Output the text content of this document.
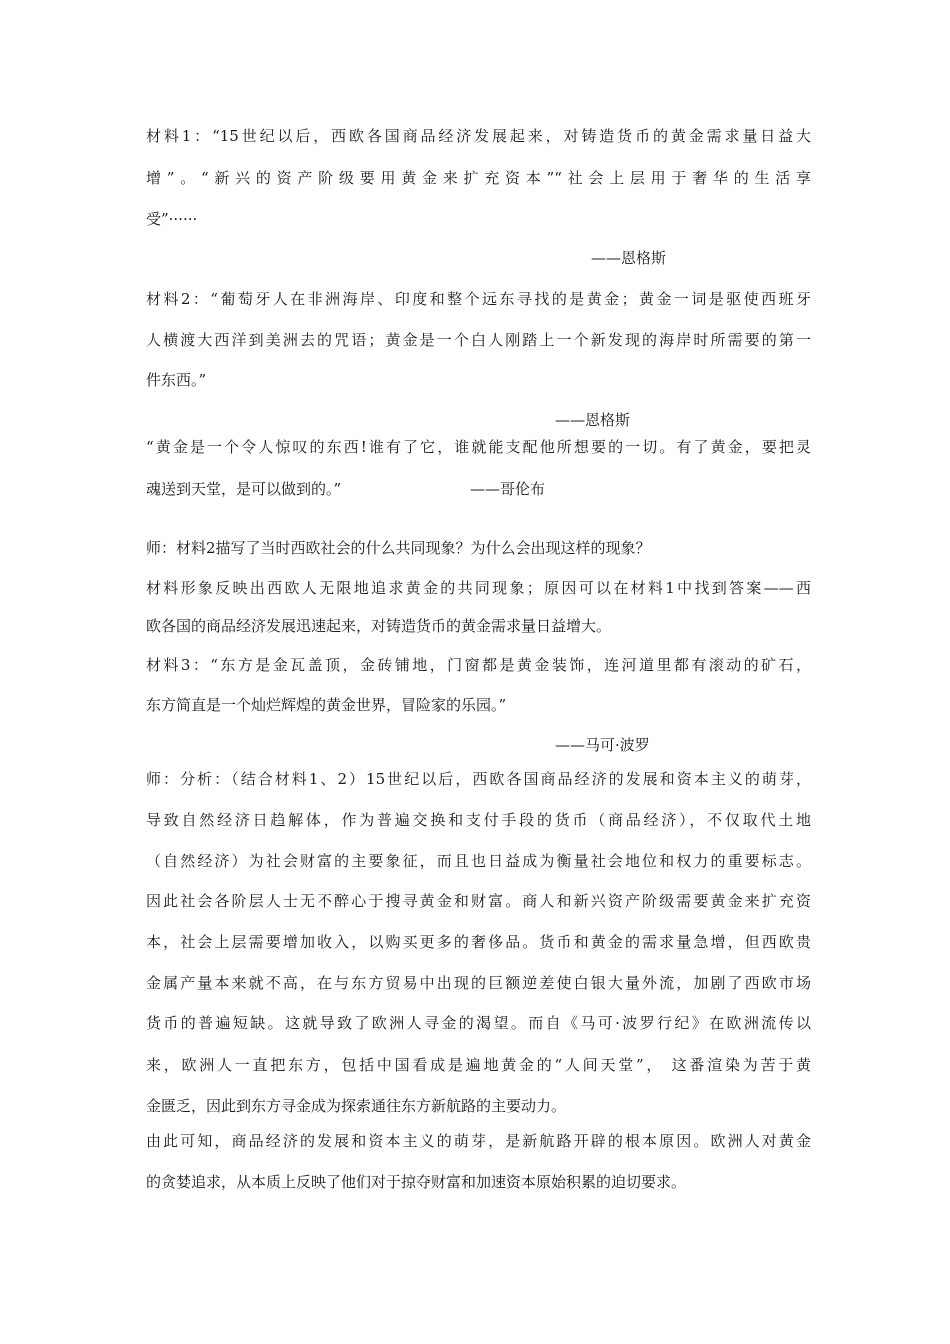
材料1：“15世纪以后，西欧各国商品经济发展起来，对铸造货币的黄金需求量日益大
增”。“新兴的资产阶级要用黄金来扩充资本”“社会上层用于奢华的生活享
受”······
——恩格斯
材料2：“葡萄牙人在非洲海岸、印度和整个远东寻找的是黄金；黄金一词是驱使西班牙
人横渡大西洋到美洲去的咒语；黄金是一个白人刚踏上一个新发现的海岸时所需要的第一
件东西。”
——恩格斯
“黄金是一个令人惊叹的东西!谁有了它，谁就能支配他所想要的一切。有了黄金，要把灵
魂送到天堂，是可以做到的。”	——哥伦布
师：材料2描写了当时西欧社会的什么共同现象？为什么会出现这样的现象？
材料形象反映出西欧人无限地追求黄金的共同现象；原因可以在材料1中找到答案——西
欧各国的商品经济发展迅速起来，对铸造货币的黄金需求量日益增大。
材料3：“东方是金瓦盖顶，金砖铺地，门窗都是黄金装饰，连河道里都有滚动的矿石，
东方简直是一个灿烂辉煌的黄金世界，冒险家的乐园。”
——马可·波罗
师：分析：（结合材料1、2）15世纪以后，西欧各国商品经济的发展和资本主义的萌芽，
导致自然经济日趋解体，作为普遍交换和支付手段的货币（商品经济），不仅取代土地
（自然经济）为社会财富的主要象征，而且也日益成为衡量社会地位和权力的重要标志。
因此社会各阶层人士无不醉心于搜寻黄金和财富。商人和新兴资产阶级需要黄金来扩充资
本，社会上层需要增加收入，以购买更多的奢侈品。货币和黄金的需求量急增，但西欧贵
金属产量本来就不高，在与东方贸易中出现的巨额逆差使白银大量外流，加剧了西欧市场
货币的普遍短缺。这就导致了欧洲人寻金的渴望。而自《马可·波罗行纪》在欧洲流传以
来，欧洲人一直把东方，包括中国看成是遍地黄金的“人间天堂”， 这番渲染为苦于黄
金匮乏，因此到东方寻金成为探索通往东方新航路的主要动力。
由此可知，商品经济的发展和资本主义的萌芽，是新航路开辟的根本原因。欧洲人对黄金
的贪婪追求，从本质上反映了他们对于掠夺财富和加速资本原始积累的迫切要求。
